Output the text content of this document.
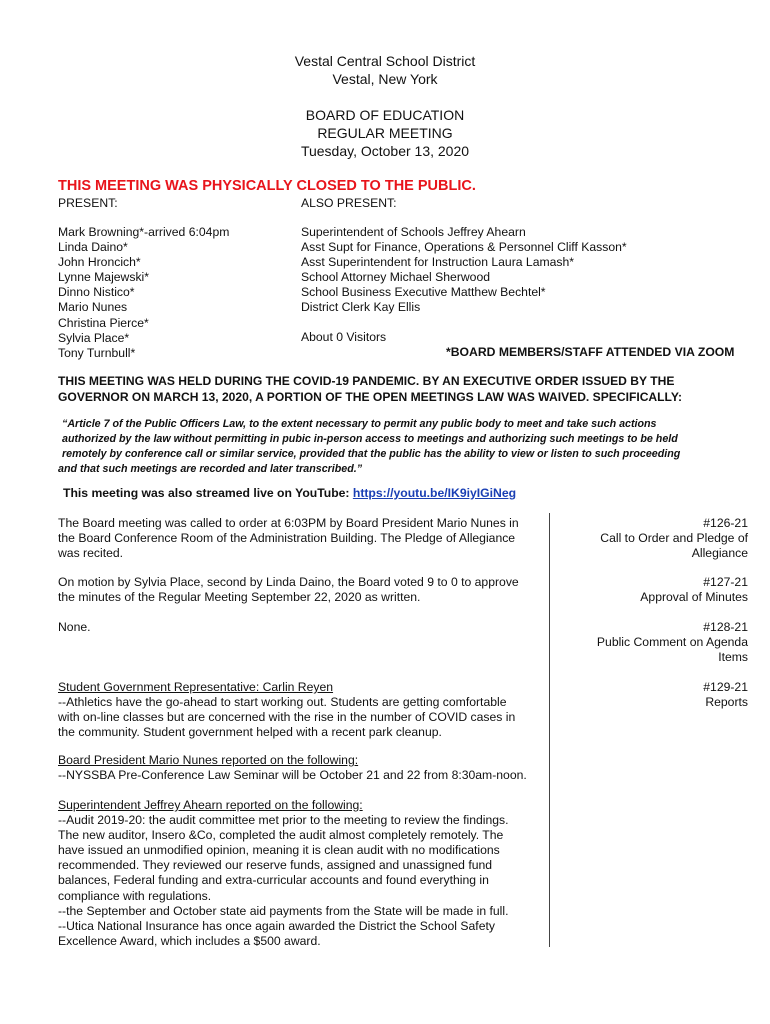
Vestal Central School District
Vestal, New York
BOARD OF EDUCATION
REGULAR MEETING
Tuesday, October 13, 2020
THIS MEETING WAS PHYSICALLY CLOSED TO THE PUBLIC.
PRESENT:
Mark Browning*-arrived 6:04pm
Linda Daino*
John Hroncich*
Lynne Majewski*
Dinno Nistico*
Mario Nunes
Christina Pierce*
Sylvia Place*
Tony Turnbull*
ALSO PRESENT:
Superintendent of Schools Jeffrey Ahearn
Asst Supt for Finance, Operations & Personnel Cliff Kasson*
Asst Superintendent for Instruction Laura Lamash*
School Attorney Michael Sherwood
School Business Executive Matthew Bechtel*
District Clerk Kay Ellis
About 0 Visitors
*BOARD MEMBERS/STAFF ATTENDED VIA ZOOM
THIS MEETING WAS HELD DURING THE COVID-19 PANDEMIC. BY AN EXECUTIVE ORDER ISSUED BY THE
GOVERNOR ON MARCH 13, 2020, A PORTION OF THE OPEN MEETINGS LAW WAS WAIVED. SPECIFICALLY:
“Article 7 of the Public Officers Law, to the extent necessary to permit any public body to meet and take such actions
authorized by the law without permitting in pubic in-person access to meetings and authorizing such meetings to be held
remotely by conference call or similar service, provided that the public has the ability to view or listen to such proceeding
and that such meetings are recorded and later transcribed.”
This meeting was also streamed live on YouTube: https://youtu.be/IK9iyIGiNeg
The Board meeting was called to order at 6:03PM by Board President Mario Nunes in
the Board Conference Room of the Administration Building. The Pledge of Allegiance
was recited.
#126-21
Call to Order and Pledge of
Allegiance
On motion by Sylvia Place, second by Linda Daino, the Board voted 9 to 0 to approve
the minutes of the Regular Meeting September 22, 2020 as written.
#127-21
Approval of Minutes
None.	#128-21
Public Comment on Agenda
Items
#129-21
Reports
Student Government Representative: Carlin Reyen
--Athletics have the go-ahead to start working out. Students are getting comfortable
with on-line classes but are concerned with the rise in the number of COVID cases in
the community. Student government helped with a recent park cleanup.
Board President Mario Nunes reported on the following:
--NYSSBA Pre-Conference Law Seminar will be October 21 and 22 from 8:30am-noon.
Superintendent Jeffrey Ahearn reported on the following:
--Audit 2019-20: the audit committee met prior to the meeting to review the findings.
The new auditor, Insero &Co, completed the audit almost completely remotely. The
have issued an unmodified opinion, meaning it is clean audit with no modifications
recommended. They reviewed our reserve funds, assigned and unassigned fund
balances, Federal funding and extra-curricular accounts and found everything in
compliance with regulations.
--the September and October state aid payments from the State will be made in full.
--Utica National Insurance has once again awarded the District the School Safety
Excellence Award, which includes a $500 award.
